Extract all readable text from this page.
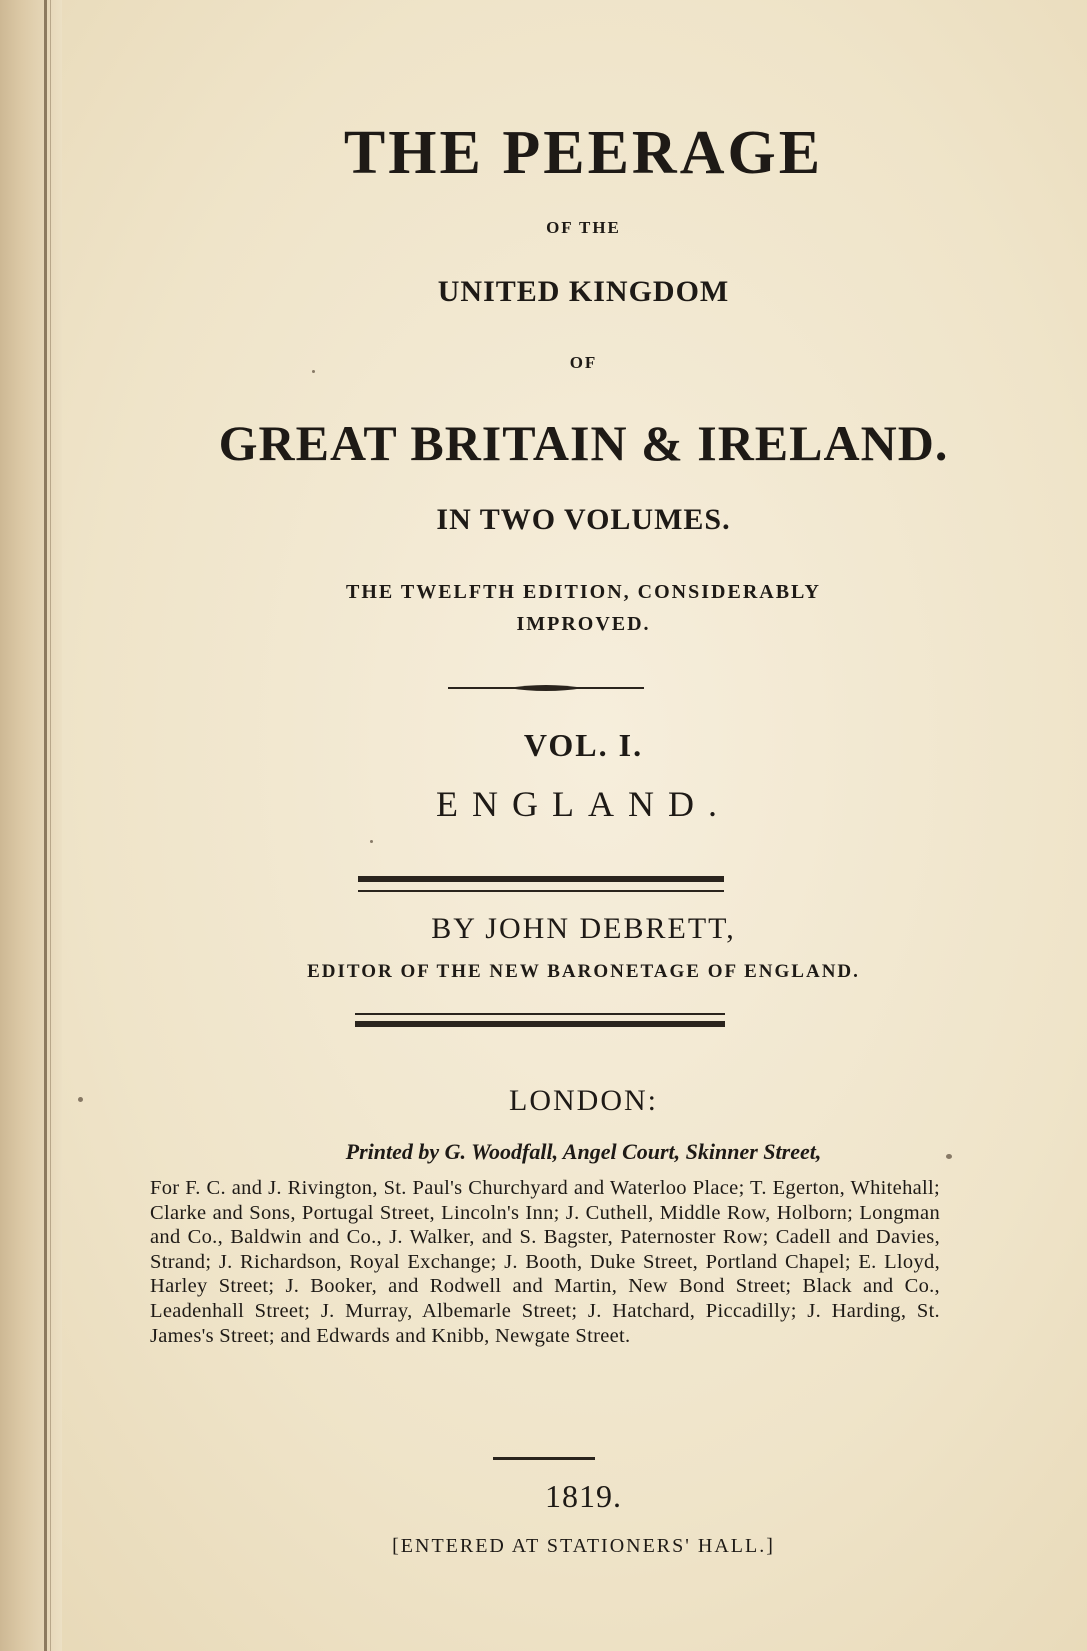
THE PEERAGE
OF THE
UNITED KINGDOM
OF
GREAT BRITAIN & IRELAND.
IN TWO VOLUMES.
THE TWELFTH EDITION, CONSIDERABLY
IMPROVED.
VOL. I.
ENGLAND.
BY JOHN DEBRETT,
EDITOR OF THE NEW BARONETAGE OF ENGLAND.
LONDON:
Printed by G. Woodfall, Angel Court, Skinner Street,
For F. C. and J. Rivington, St. Paul's Churchyard and Waterloo Place; T. Egerton, Whitehall; Clarke and Sons, Portugal Street, Lincoln's Inn; J. Cuthell, Middle Row, Holborn; Longman and Co., Baldwin and Co., J. Walker, and S. Bagster, Paternoster Row; Cadell and Davies, Strand; J. Richardson, Royal Exchange; J. Booth, Duke Street, Portland Chapel; E. Lloyd, Harley Street; J. Booker, and Rodwell and Martin, New Bond Street; Black and Co., Leadenhall Street; J. Murray, Albemarle Street; J. Hatchard, Piccadilly; J. Harding, St. James's Street; and Edwards and Knibb, Newgate Street.
1819.
[ENTERED AT STATIONERS' HALL.]
